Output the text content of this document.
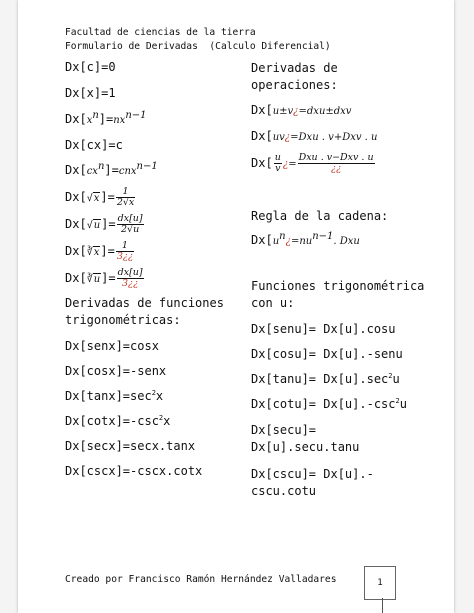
Facultad de ciencias de la tierra
Formulario de Derivadas  (Calculo Diferencial)

Dx[c]=0

Dx[x]=1

$Dx[x^n]=nx^{n-1}$

Dx[cx]=c

$Dx[cx^n]=cnx^{n-1}$

$Dx[√x]= \frac{1}{2√x}$

$Dx[√u]= \frac{dx[u]}{2√u}$

Dx[∛x]= $\frac{1}{3¿¿}$

Dx[∛u]= $\frac{dx[u]}{3¿¿}$

Derivadas de funciones
trigonométricas:

Dx[senx]=cosx

Dx[cosx]=-senx

$Dx[\tan x]=\sec^2x$

$Dx[\cot x]=-\csc^2x$

Dx[secx]=secx.tanx

Dx[cscx]=-cscx.cotx

Derivadas de
operaciones:

Dx[u±v¿=dxu±dxv

Dx[uv¿=Dxu . v+Dxv . u

$Dx[ \frac{u}{v}$ ¿= $\frac{\text{Dxu . v−Dxv . u}}{¿¿}$

Regla de la cadena:

$Dx[u^n¿=nu^{n-1}$. Dxu

Funciones trigonométrica
con u:

Dx[senu]= Dx[u].cosu

Dx[cosu]= Dx[u].-senu

$Dx[\tan u]= Dx[u].\sec^2u$

$Dx[\cot u]= Dx[u].-\csc^2u$

Dx[secu]=
Dx[u].secu.tanu

Dx[cscu]= Dx[u].-
cscu.cotu

Creado por Francisco Ramón Hernández Valladares	1
